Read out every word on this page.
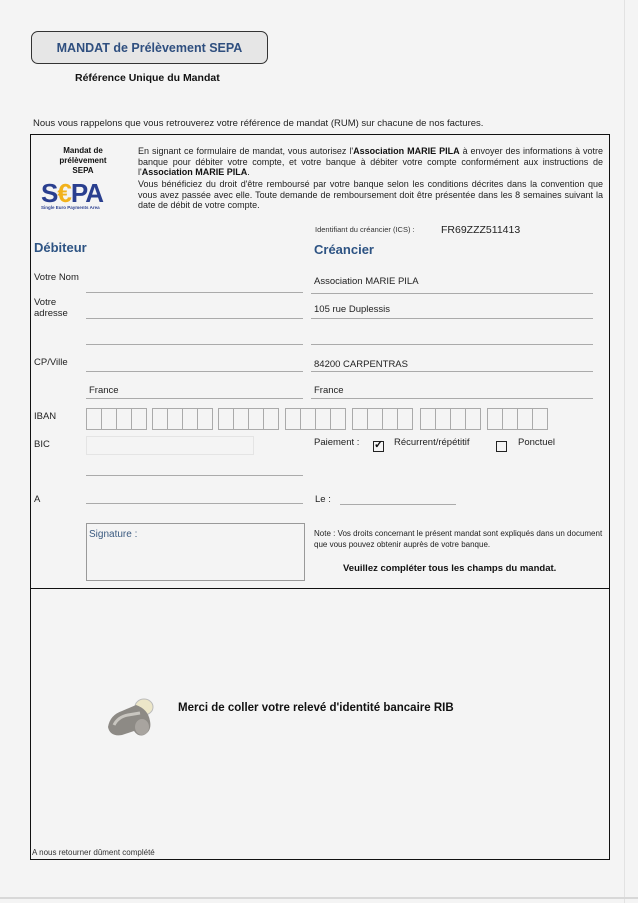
MANDAT de Prélèvement SEPA
Référence Unique du Mandat
Nous vous rappelons que vous retrouverez votre référence de mandat (RUM) sur chacune de nos factures.
Mandat de prélèvement SEPA
S€PA
Single Euro Payments Area
En signant ce formulaire de mandat, vous autorisez l'Association MARIE PILA à envoyer des informations à votre banque pour débiter votre compte, et votre banque à débiter votre compte conformément aux instructions de l'Association MARIE PILA.
Vous bénéficiez du droit d'être remboursé par votre banque selon les conditions décrites dans la convention que vous avez passée avec elle. Toute demande de remboursement doit être présentée dans les 8 semaines suivant la date de débit de votre compte.
Identifiant du créancier (ICS) :	FR69ZZZ511413
Débiteur
Votre Nom
Votre
adresse
CP/Ville
France
IBAN
BIC
A
Signature :
Créancier
Association MARIE PILA
105 rue Duplessis
84200 CARPENTRAS
France
Paiement : ✓ Récurrent/répétitif	Ponctuel
Le :
Note : Vos droits concernant le présent mandat sont expliqués dans un document que vous pouvez obtenir auprès de votre banque.
Veuillez compléter tous les champs du mandat.
Merci de coller votre relevé d'identité bancaire RIB
A nous retourner dûment complété
